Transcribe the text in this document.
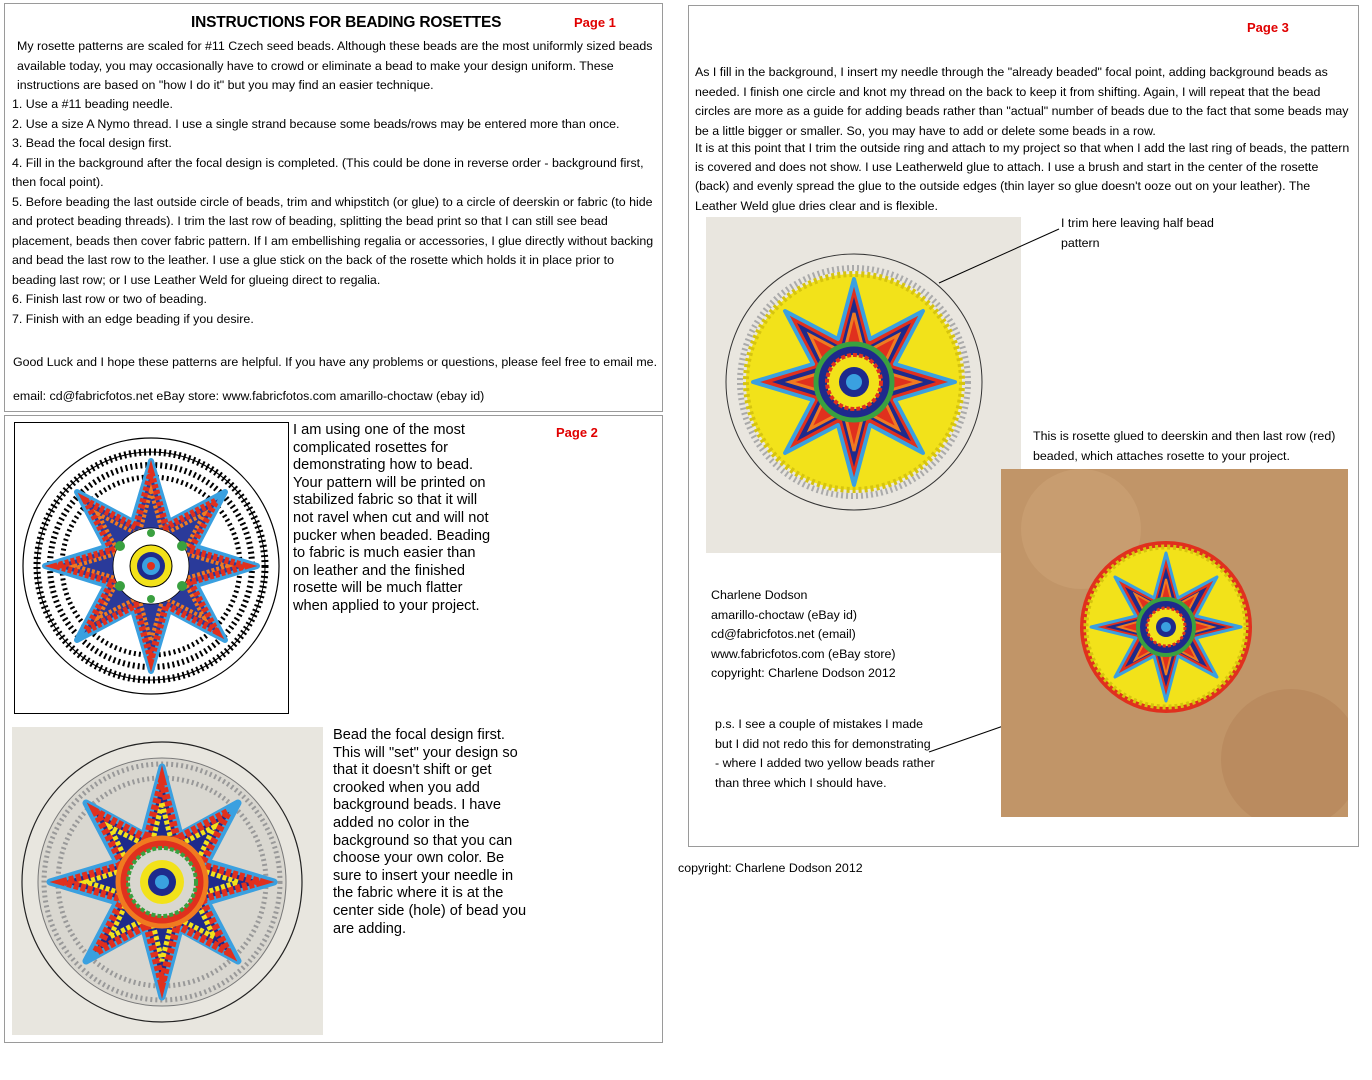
INSTRUCTIONS FOR BEADING ROSETTES	Page 1

My rosette patterns are scaled for #11 Czech seed beads. Although these beads are the most uniformly sized beads available today, you may occasionally have to crowd or eliminate a bead to make your design uniform. These instructions are based on "how I do it" but you may find an easier technique.

1. Use a #11 beading needle.

2. Use a size A Nymo thread. I use a single strand because some beads/rows may be entered more than once.

3. Bead the focal design first.

4. Fill in the background after the focal design is completed. (This could be done in reverse order - background first, then focal point).

5. Before beading the last outside circle of beads, trim and whipstitch (or glue) to a circle of deerskin or fabric (to hide and protect beading threads). I trim the last row of beading, splitting the bead print so that I can still see bead placement, beads then cover fabric pattern. If I am embellishing regalia or accessories, I glue directly without backing and bead the last row to the leather. I use a glue stick on the back of the rosette which holds it in place prior to beading last row; or I use Leather Weld for glueing direct to regalia.

6. Finish last row or two of beading.

7. Finish with an edge beading if you desire.

Good Luck and I hope these patterns are helpful. If you have any problems or questions, please feel free to email me.

email: cd@fabricfotos.net eBay store: www.fabricfotos.com amarillo-choctaw (ebay id)

Page 2

I am using one of the most complicated rosettes for demonstrating how to bead. Your pattern will be printed on stabilized fabric so that it will not ravel when cut and will not pucker when beaded. Beading to fabric is much easier than on leather and the finished rosette will be much flatter when applied to your project.

Bead the focal design first. This will "set" your design so that it doesn't shift or get crooked when you add background beads. I have added no color in the background so that you can choose your own color. Be sure to insert your needle in the fabric where it is at the center side (hole) of bead you are adding.

Page 3

As I fill in the background, I insert my needle through the "already beaded" focal point, adding background beads as needed. I finish one circle and knot my thread on the back to keep it from shifting. Again, I will repeat that the bead circles are more as a guide for adding beads rather than "actual" number of beads due to the fact that some beads may be a little bigger or smaller. So, you may have to add or delete some beads in a row.

It is at this point that I trim the outside ring and attach to my project so that when I add the last ring of beads, the pattern is covered and does not show. I use Leatherweld glue to attach. I use a brush and start in the center of the rosette (back) and evenly spread the glue to the outside edges (thin layer so glue doesn't ooze out on your leather). The Leather Weld glue dries clear and is flexible.

I trim here leaving half bead pattern

This is rosette glued to deerskin and then last row (red) beaded, which attaches rosette to your project.

Charlene Dodson

amarillo-choctaw (eBay id)

cd@fabricfotos.net (email)

www.fabricfotos.com (eBay store)

copyright: Charlene Dodson 2012

p.s. I see a couple of mistakes I made but I did not redo this for demonstrating - where I added two yellow beads rather than three which I should have.

copyright: Charlene Dodson 2012
